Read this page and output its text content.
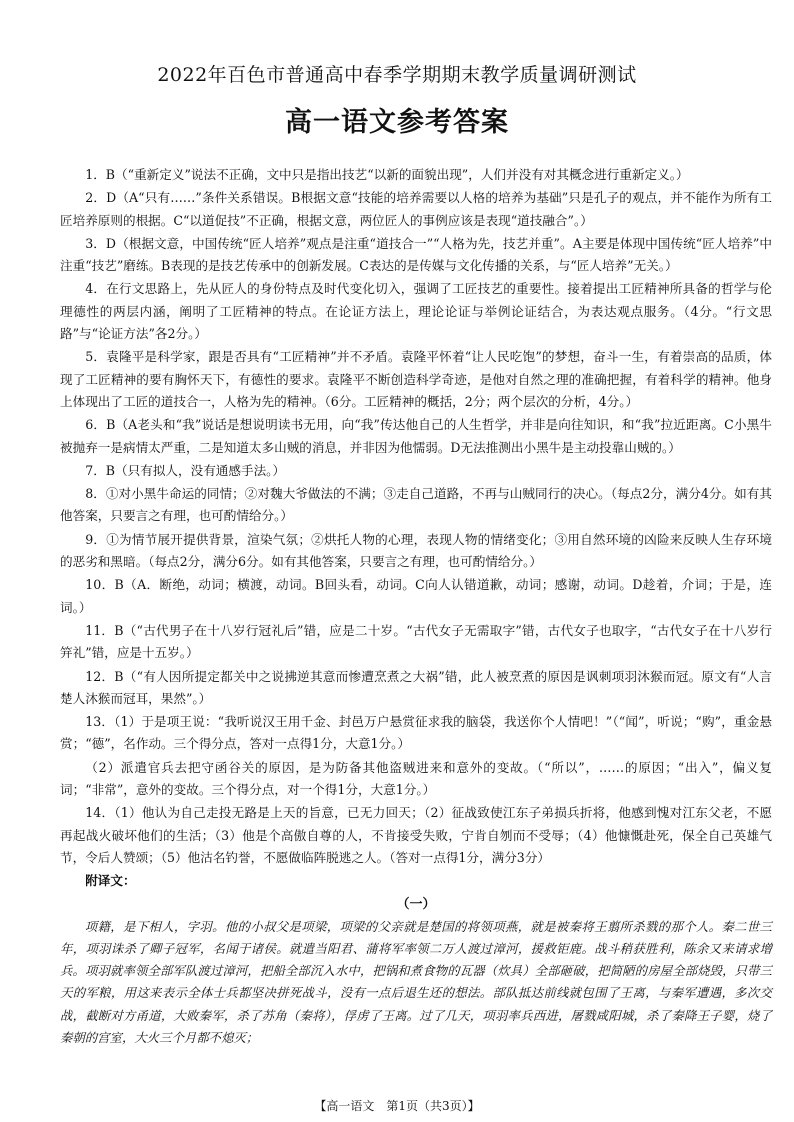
2022年百色市普通高中春季学期期末教学质量调研测试
高一语文参考答案

1．B（“重新定义”说法不正确，文中只是指出技艺“以新的面貌出现”，人们并没有对其概念进行重新定义。）

2．D（A“只有……”条件关系错误。B根据文意“技能的培养需要以人格的培养为基础”只是孔子的观点，并不能作为所有工匠培养原则的根据。C“以道促技”不正确，根据文意，两位匠人的事例应该是表现“道技融合”。）

3．D（根据文意，中国传统“匠人培养”观点是注重“道技合一”“人格为先，技艺并重”。A主要是体现中国传统“匠人培养”中注重“技艺”磨练。B表现的是技艺传承中的创新发展。C表达的是传媒与文化传播的关系，与“匠人培养”无关。）

4．在行文思路上，先从匠人的身份特点及时代变化切入，强调了工匠技艺的重要性。接着提出工匠精神所具备的哲学与伦理德性的两层内涵，阐明了工匠精神的特点。在论证方法上，理论论证与举例论证结合，为表达观点服务。（4分。“行文思路”与“论证方法”各2分。）

5．袁隆平是科学家，跟是否具有“工匠精神”并不矛盾。袁隆平怀着“让人民吃饱”的梦想，奋斗一生，有着崇高的品质，体现了工匠精神的要有胸怀天下，有德性的要求。袁隆平不断创造科学奇迹，是他对自然之理的准确把握，有着科学的精神。他身上体现出了工匠的道技合一，人格为先的精神。（6分。工匠精神的概括，2分；两个层次的分析，4分。）

6．B（A老头和“我”说话是想说明读书无用，向“我”传达他自己的人生哲学，并非是向往知识，和“我”拉近距离。C小黑牛被抛弃一是病情太严重，二是知道太多山贼的消息，并非因为他懦弱。D无法推测出小黑牛是主动投靠山贼的。）

7．B（只有拟人，没有通感手法。）

8．①对小黑牛命运的同情；②对魏大爷做法的不满；③走自己道路，不再与山贼同行的决心。（每点2分，满分4分。如有其他答案，只要言之有理，也可酌情给分。）

9．①为情节展开提供背景，渲染气氛；②烘托人物的心理，表现人物的情绪变化；③用自然环境的凶险来反映人生存环境的恶劣和黑暗。（每点2分，满分6分。如有其他答案，只要言之有理，也可酌情给分。）

10．B（A．断绝，动词；横渡，动词。B回头看，动词。C向人认错道歉，动词；感谢，动词。D趁着，介词；于是，连词。）

11．B（“古代男子在十八岁行冠礼后”错，应是二十岁。“古代女子无需取字”错，古代女子也取字，“古代女子在十八岁行笄礼”错，应是十五岁。）

12．B（“有人因所提定都关中之说拂逆其意而惨遭烹煮之大祸”错，此人被烹煮的原因是讽刺项羽沐猴而冠。原文有“人言楚人沐猴而冠耳，果然”。）

13．（1）于是项王说：“我听说汉王用千金、封邑万户悬赏征求我的脑袋，我送你个人情吧！”（“闻”，听说；“购”，重金悬赏；“德”，名作动。三个得分点，答对一点得1分，大意1分。）

（2）派遣官兵去把守函谷关的原因，是为防备其他盗贼进来和意外的变故。（“所以”，……的原因；“出入”，偏义复词；“非常”，意外的变故。三个得分点，对一个得1分，大意1分。）

14．（1）他认为自己走投无路是上天的旨意，已无力回天；（2）征战致使江东子弟损兵折将，他感到愧对江东父老，不愿再起战火破坏他们的生活；（3）他是个高傲自尊的人，不肯接受失败，宁肯自刎而不受辱；（4）他慷慨赴死，保全自己英雄气节，令后人赞颂；（5）他沽名钓誉，不愿做临阵脱逃之人。（答对一点得1分，满分3分）

附译文：

（一）

项籍，是下相人，字羽。他的小叔父是项梁，项梁的父亲就是楚国的将领项燕，就是被秦将王翦所杀戮的那个人。秦二世三年，项羽诛杀了卿子冠军，名闻于诸侯。就遣当阳君、蒲将军率领二万人渡过漳河，援救钜鹿。战斗稍获胜利，陈余又来请求增兵。项羽就率领全部军队渡过漳河，把船全部沉入水中，把锅和煮食物的瓦器（炊具）全部砸破，把简陋的房屋全部烧毁，只带三天的军粮，用这来表示全体士兵都坚决拼死战斗，没有一点后退生还的想法。部队抵达前线就包围了王离，与秦军遭遇，多次交战，截断对方甬道，大败秦军，杀了苏角（秦将），俘虏了王离。过了几天，项羽率兵西进，屠戮咸阳城，杀了秦降王子婴，烧了秦朝的宫室，大火三个月都不熄灭；

【高一语文　第1页（共3页）】
